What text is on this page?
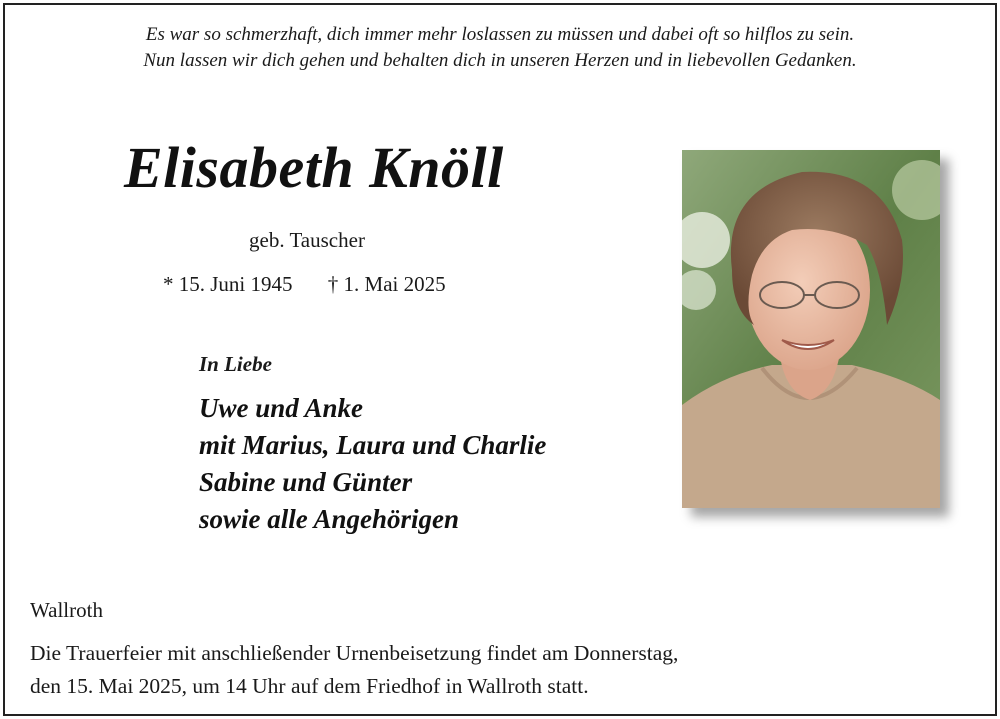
Es war so schmerzhaft, dich immer mehr loslassen zu müssen und dabei oft so hilflos zu sein.
Nun lassen wir dich gehen und behalten dich in unseren Herzen und in liebevollen Gedanken.
Elisabeth Knöll
geb. Tauscher
* 15. Juni 1945 † 1. Mai 2025
In Liebe
Uwe und Anke
mit Marius, Laura und Charlie
Sabine und Günter
sowie alle Angehörigen
Wallroth
Die Trauerfeier mit anschließender Urnenbeisetzung findet am Donnerstag,
den 15. Mai 2025, um 14 Uhr auf dem Friedhof in Wallroth statt.
